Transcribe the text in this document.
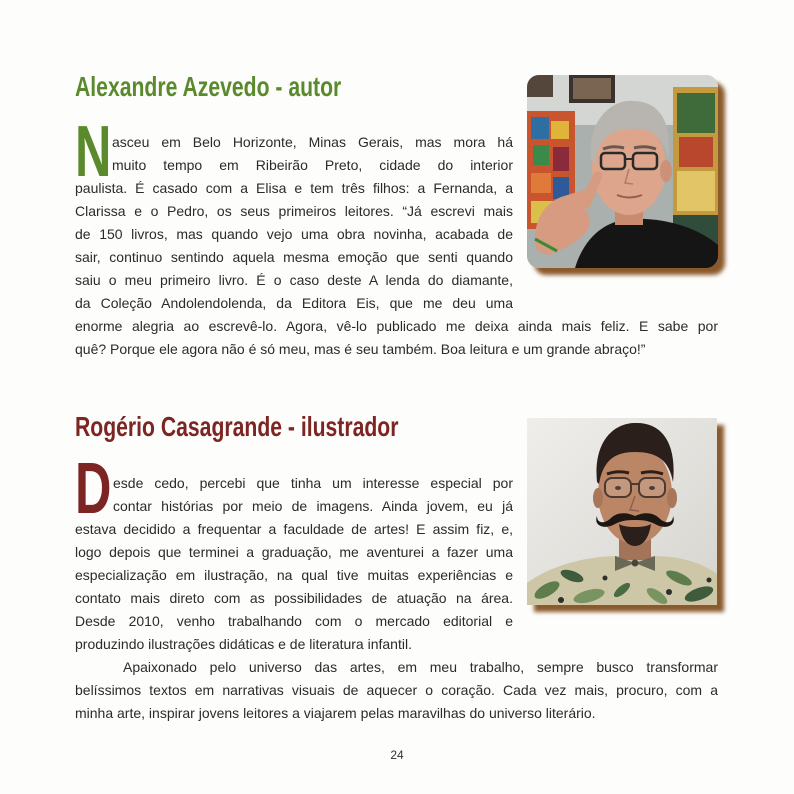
Alexandre Azevedo - autor
N asceu em Belo Horizonte, Minas Gerais, mas mora há
muito tempo em Ribeirão Preto, cidade do interior
paulista. É casado com a Elisa e tem três filhos: a Fernanda, a
Clarissa e o Pedro, os seus primeiros leitores. “Já escrevi mais
de 150 livros, mas quando vejo uma obra novinha, acabada de
sair, continuo sentindo aquela mesma emoção que senti quando
saiu o meu primeiro livro. É o caso deste A lenda do diamante,
da Coleção Andolendolenda, da Editora Eis, que me deu uma
enorme alegria ao escrevê-lo. Agora, vê-lo publicado me deixa ainda mais feliz. E sabe por
quê? Porque ele agora não é só meu, mas é seu também. Boa leitura e um grande abraço!”
Rogério Casagrande - ilustrador
D esde cedo, percebi que tinha um interesse especial por
contar histórias por meio de imagens. Ainda jovem, eu já
estava decidido a frequentar a faculdade de artes! E assim fiz, e,
logo depois que terminei a graduação, me aventurei a fazer uma
especialização em ilustração, na qual tive muitas experiências e
contato mais direto com as possibilidades de atuação na área.
Desde 2010, venho trabalhando com o mercado editorial e
produzindo ilustrações didáticas e de literatura infantil.
Apaixonado pelo universo das artes, em meu trabalho, sempre busco transformar
belíssimos textos em narrativas visuais de aquecer o coração. Cada vez mais, procuro, com a
minha arte, inspirar jovens leitores a viajarem pelas maravilhas do universo literário.
24
